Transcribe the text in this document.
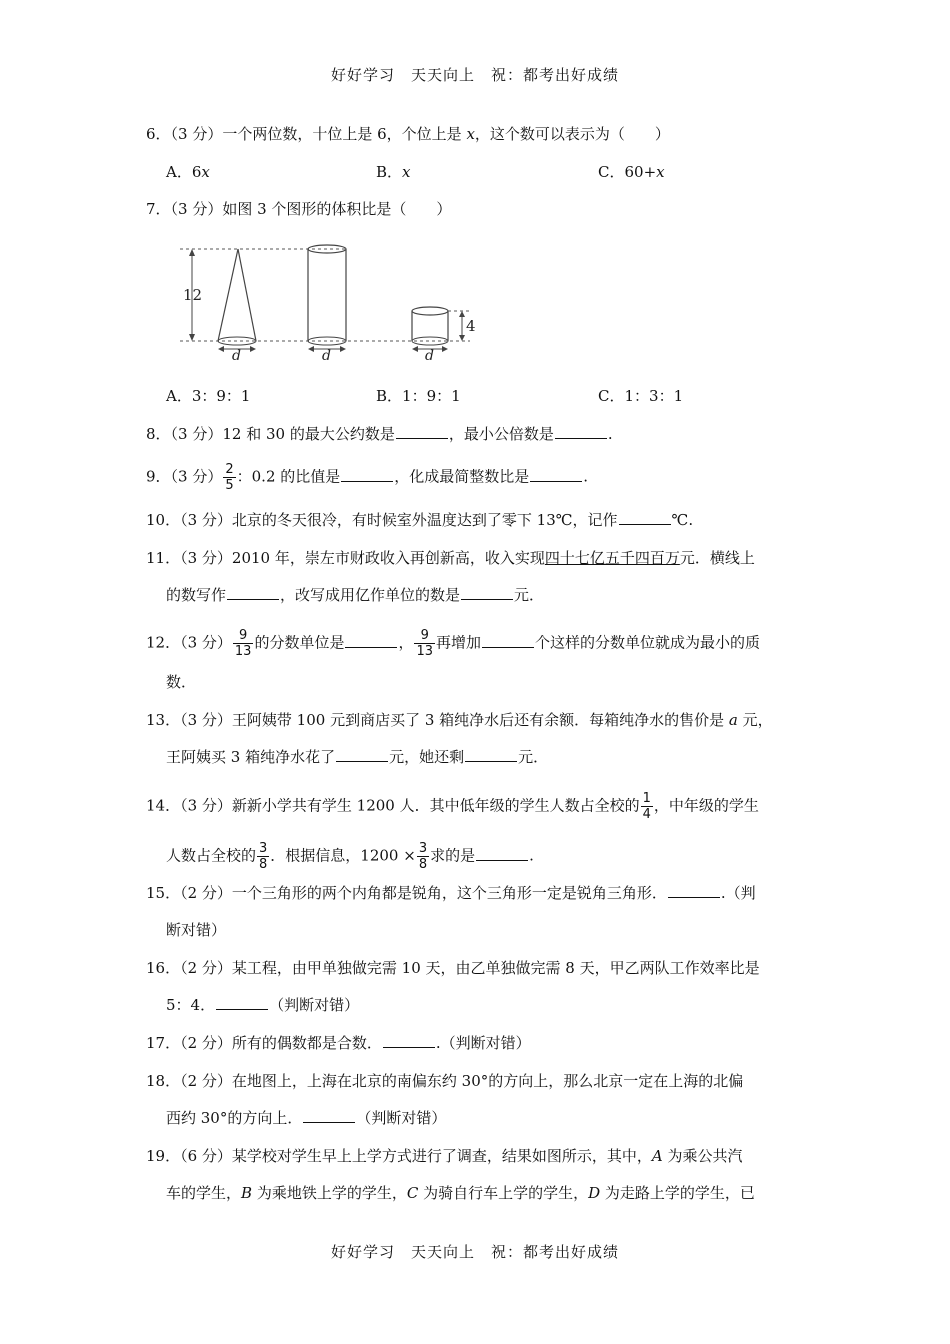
好好学习　天天向上　祝：都考出好成绩
6．（3 分）一个两位数，十位上是 6，个位上是 x，这个数可以表示为（　　）
A．6x	B．x	C．60+x
7．（3 分）如图 3 个图形的体积比是（　　）
12
d	d
4
d
A．3：9：1	B．1：9：1	C．1：3：1
8．（3 分）12 和 30 的最大公约数是	，最小公倍数是	.
9．（3 分） $\frac{2}{5}$ ：0.2 的比值是	，化成最简整数比是	.
10．（3 分）北京的冬天很冷，有时候室外温度达到了零下 13℃，记作	℃.
11．（3 分）2010 年，崇左市财政收入再创新高，收入实现四十七亿五千四百万元．横线上
的数写作	，改写成用亿作单位的数是	元．
12．（3 分） $\frac{9}{13}$ 的分数单位是	， $\frac{9}{13}$ 再增加	个这样的分数单位就成为最小的质
数．
13．（3 分）王阿姨带 100 元到商店买了 3 箱纯净水后还有余额．每箱纯净水的售价是 a 元，
王阿姨买 3 箱纯净水花了	元，她还剩	元．
14．（3 分）新新小学共有学生 1200 人．其中低年级的学生人数占全校的 $\frac{1}{4}$ ，中年级的学生
人数占全校的 $\frac{3}{8}$ ．根据信息，$1200 \times \frac{3}{8}$ 求的是	.
15．（2 分）一个三角形的两个内角都是锐角，这个三角形一定是锐角三角形．	.（判
断对错）
16．（2 分）某工程，由甲单独做完需 10 天，由乙单独做完需 8 天，甲乙两队工作效率比是
5：4．	（判断对错）
17．（2 分）所有的偶数都是合数．	.（判断对错）
18．（2 分）在地图上，上海在北京的南偏东约 30°的方向上，那么北京一定在上海的北偏
西约 30°的方向上．	（判断对错）
19．（6 分）某学校对学生早上上学方式进行了调查，结果如图所示，其中，A 为乘公共汽
车的学生，B 为乘地铁上学的学生，C 为骑自行车上学的学生，D 为走路上学的学生，已
好好学习　天天向上　祝：都考出好成绩
